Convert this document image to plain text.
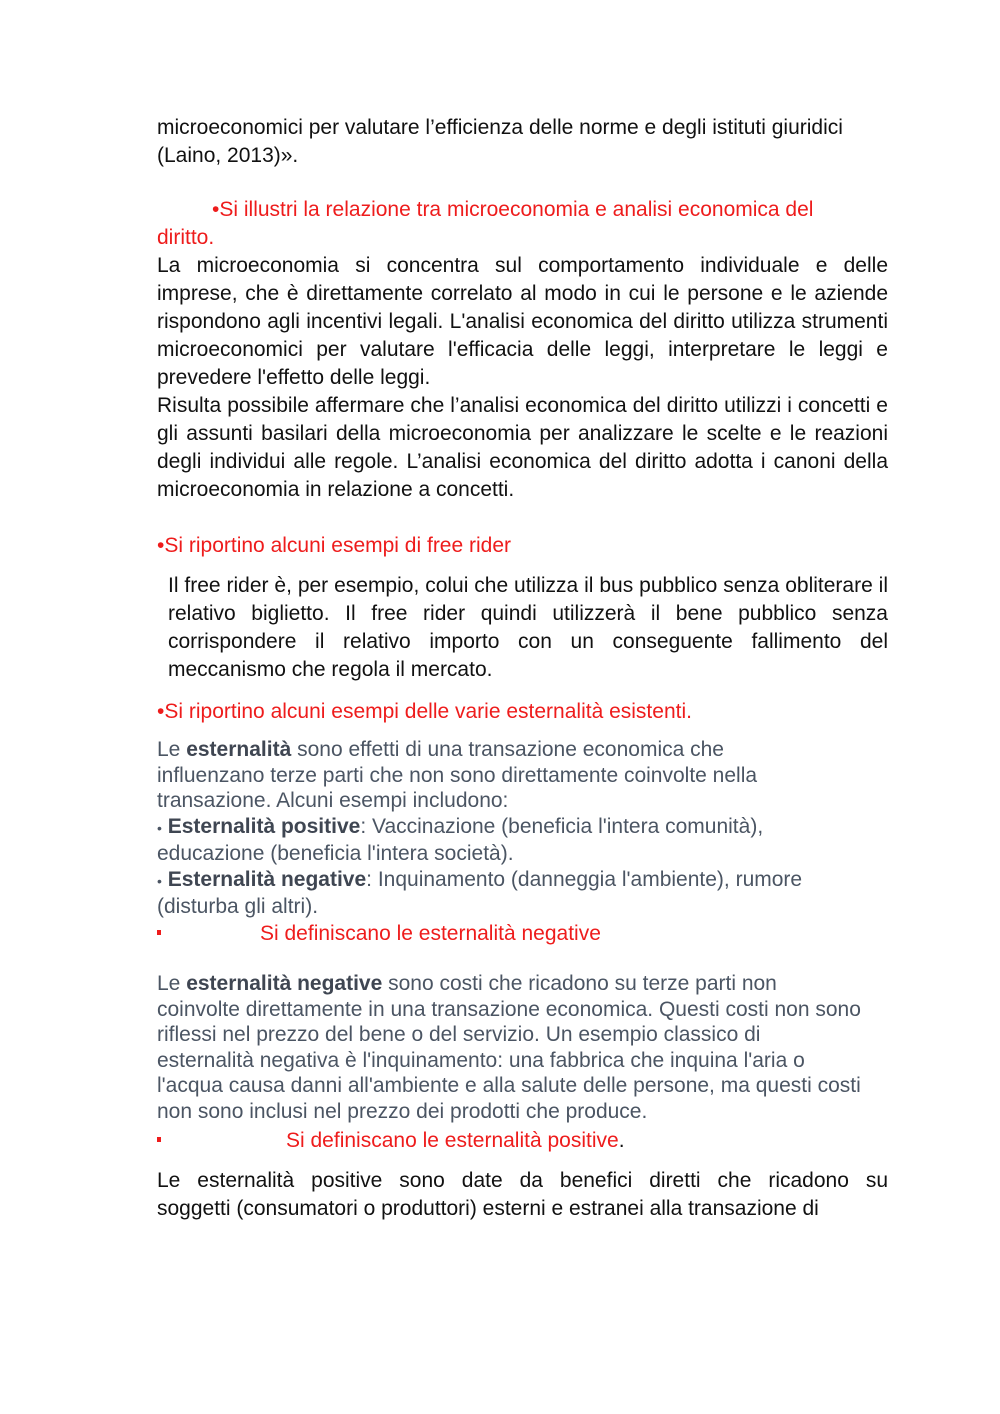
microeconomici per valutare l’efficienza delle norme e degli istituti giuridici
(Laino, 2013)».
•Si illustri la relazione tra microeconomia e analisi economica del
diritto.
La microeconomia si concentra sul comportamento individuale e delle imprese, che è direttamente correlato al modo in cui le persone e le aziende rispondono agli incentivi legali. L'analisi economica del diritto utilizza strumenti microeconomici per valutare l'efficacia delle leggi, interpretare le leggi e prevedere l'effetto delle leggi.
Risulta possibile affermare che l’analisi economica del diritto utilizzi i concetti e gli assunti basilari della microeconomia per analizzare le scelte e le reazioni degli individui alle regole. L’analisi economica del diritto adotta i canoni della microeconomia in relazione a concetti.
•Si riportino alcuni esempi di free rider
Il free rider è, per esempio, colui che utilizza il bus pubblico senza obliterare il relativo biglietto. Il free rider quindi utilizzerà il bene pubblico senza corrispondere il relativo importo con un conseguente fallimento del meccanismo che regola il mercato.
•Si riportino alcuni esempi delle varie esternalità esistenti.
Le esternalità sono effetti di una transazione economica che influenzano terze parti che non sono direttamente coinvolte nella transazione. Alcuni esempi includono:
• Esternalità positive: Vaccinazione (beneficia l'intera comunità), educazione (beneficia l'intera società).
• Esternalità negative: Inquinamento (danneggia l'ambiente), rumore (disturba gli altri).
Si definiscano le esternalità negative
Le esternalità negative sono costi che ricadono su terze parti non coinvolte direttamente in una transazione economica. Questi costi non sono riflessi nel prezzo del bene o del servizio. Un esempio classico di esternalità negativa è l'inquinamento: una fabbrica che inquina l'aria o l'acqua causa danni all'ambiente e alla salute delle persone, ma questi costi non sono inclusi nel prezzo dei prodotti che produce.
Si definiscano le esternalità positive.
Le esternalità positive sono date da benefici diretti che ricadono su
soggetti (consumatori o produttori) esterni e estranei alla transazione di
